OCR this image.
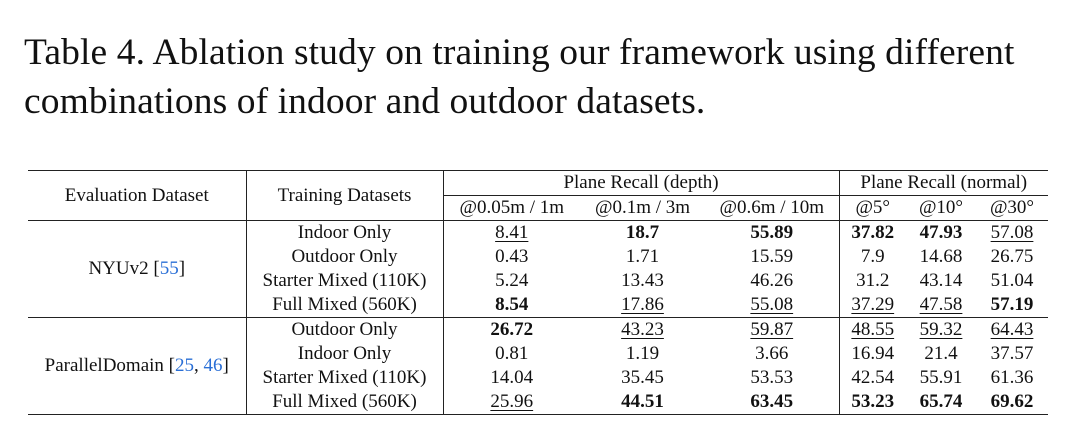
Table 4. Ablation study on training our framework using different combinations of indoor and outdoor datasets.
Evaluation Dataset	Training Datasets	Plane Recall (depth)			Plane Recall (normal)		
		@0.05m / 1m	@0.1m / 3m	@0.6m / 10m	@5°	@10°	@30°
NYUv2 [55]	Indoor Only	8.41	18.7	55.89	37.82	47.93	57.08
	Outdoor Only	0.43	1.71	15.59	7.9	14.68	26.75
	Starter Mixed (110K)	5.24	13.43	46.26	31.2	43.14	51.04
	Full Mixed (560K)	8.54	17.86	55.08	37.29	47.58	57.19
ParallelDomain [25, 46]	Outdoor Only	26.72	43.23	59.87	48.55	59.32	64.43
	Indoor Only	0.81	1.19	3.66	16.94	21.4	37.57
	Starter Mixed (110K)	14.04	35.45	53.53	42.54	55.91	61.36
	Full Mixed (560K)	25.96	44.51	63.45	53.23	65.74	69.62
